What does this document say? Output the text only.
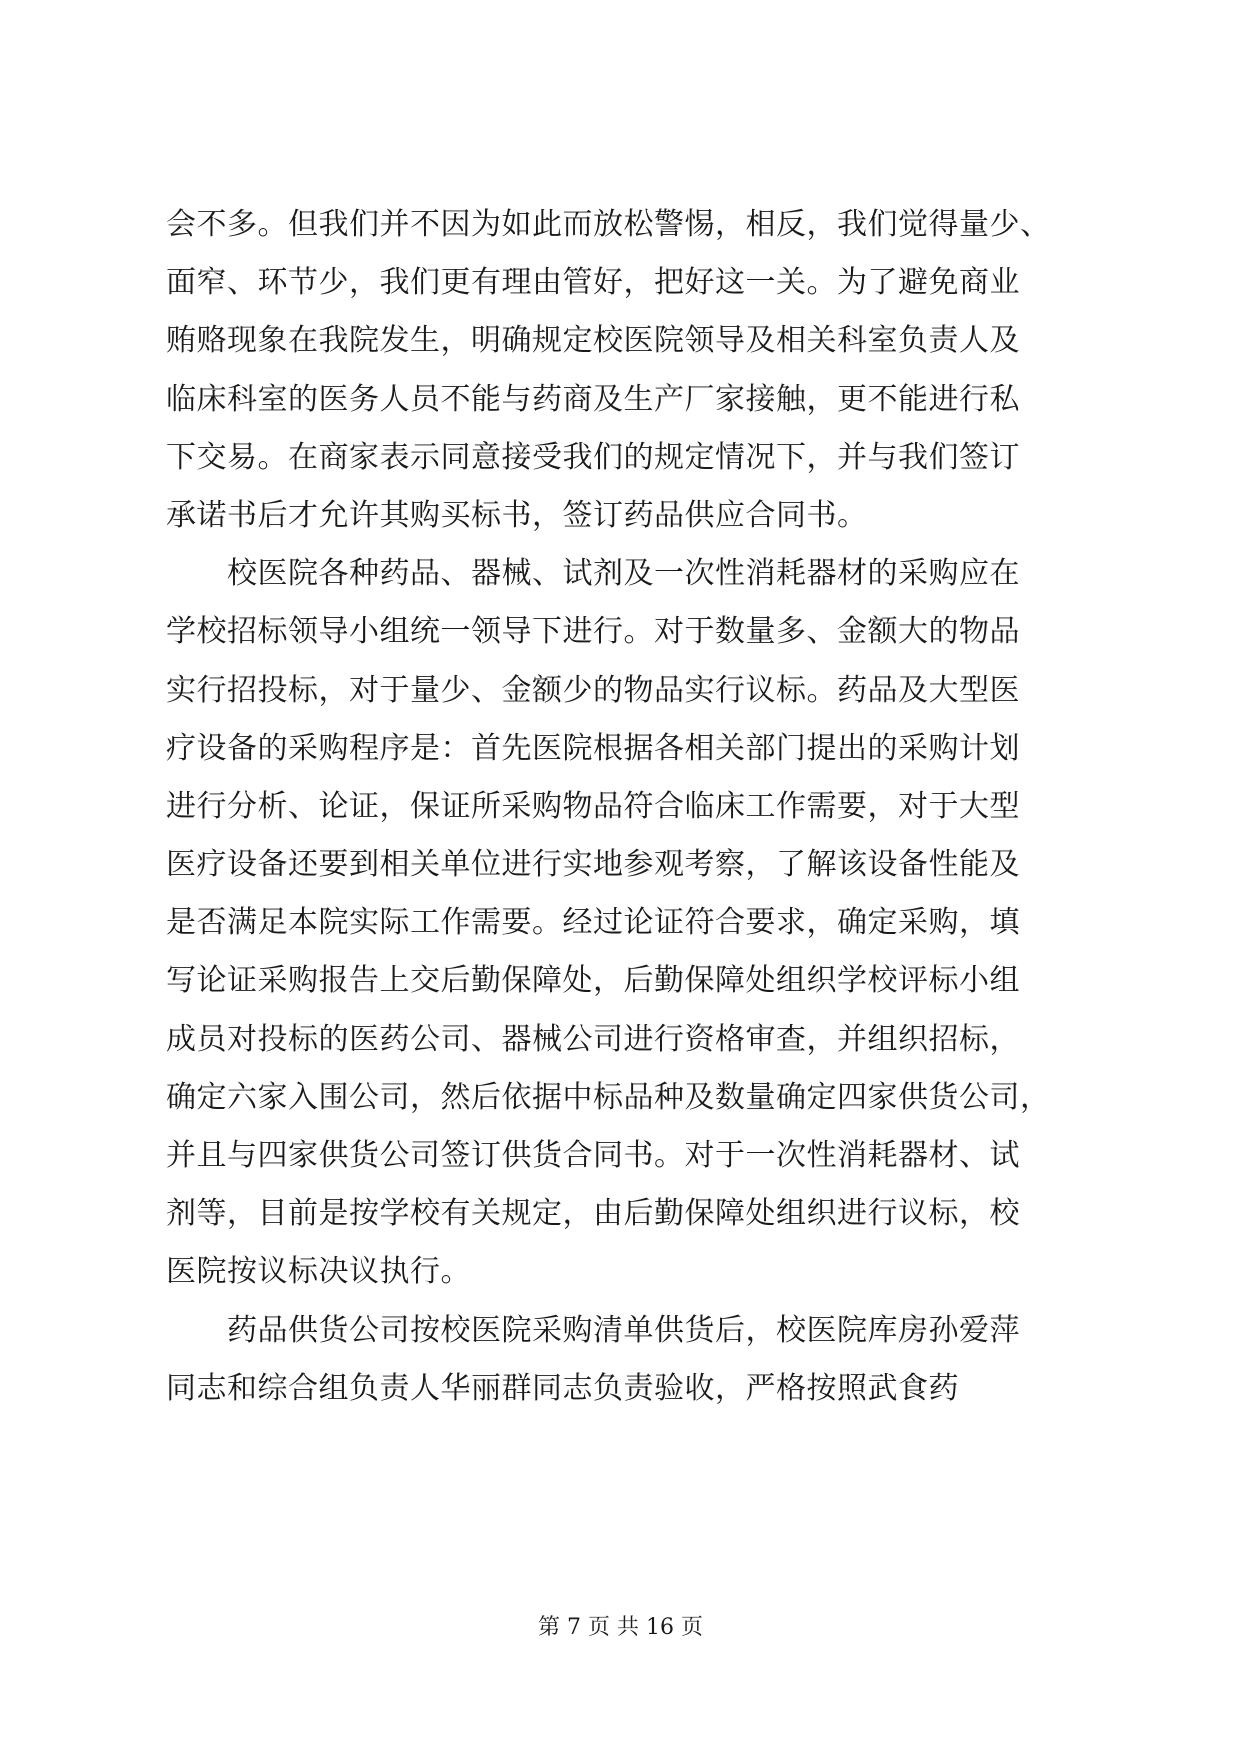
会不多。但我们并不因为如此而放松警惕，相反，我们觉得量少、
面窄、环节少，我们更有理由管好，把好这一关。为了避免商业
贿赂现象在我院发生，明确规定校医院领导及相关科室负责人及
临床科室的医务人员不能与药商及生产厂家接触，更不能进行私
下交易。在商家表示同意接受我们的规定情况下，并与我们签订
承诺书后才允许其购买标书，签订药品供应合同书。
　　校医院各种药品、器械、试剂及一次性消耗器材的采购应在
学校招标领导小组统一领导下进行。对于数量多、金额大的物品
实行招投标，对于量少、金额少的物品实行议标。药品及大型医
疗设备的采购程序是：首先医院根据各相关部门提出的采购计划
进行分析、论证，保证所采购物品符合临床工作需要，对于大型
医疗设备还要到相关单位进行实地参观考察，了解该设备性能及
是否满足本院实际工作需要。经过论证符合要求，确定采购，填
写论证采购报告上交后勤保障处，后勤保障处组织学校评标小组
成员对投标的医药公司、器械公司进行资格审查，并组织招标，
确定六家入围公司，然后依据中标品种及数量确定四家供货公司，
并且与四家供货公司签订供货合同书。对于一次性消耗器材、试
剂等，目前是按学校有关规定，由后勤保障处组织进行议标，校
医院按议标决议执行。
　　药品供货公司按校医院采购清单供货后，校医院库房孙爱萍
同志和综合组负责人华丽群同志负责验收，严格按照武食药
第 7 页 共 16 页
